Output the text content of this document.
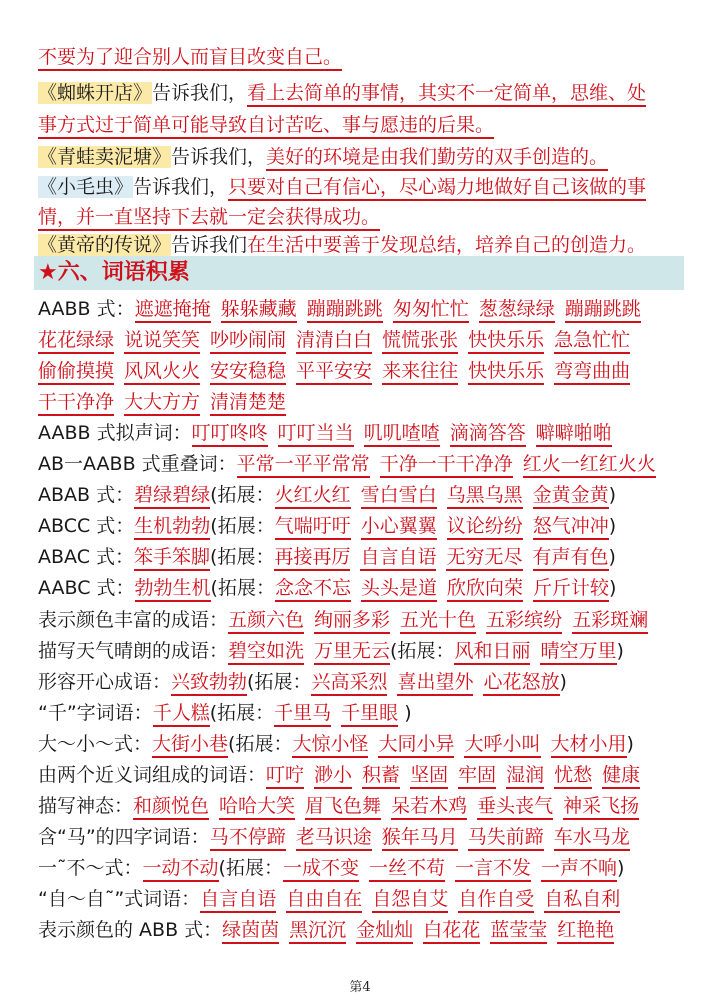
不要为了迎合别人而盲目改变自己。
《蜘蛛开店》告诉我们，看上去简单的事情，其实不一定简单，思维、处
事方式过于简单可能导致自讨苦吃、事与愿违的后果。
《青蛙卖泥塘》告诉我们，美好的环境是由我们勤劳的双手创造的。
《小毛虫》告诉我们，只要对自己有信心，尽心竭力地做好自己该做的事
情，并一直坚持下去就一定会获得成功。
《黄帝的传说》告诉我们在生活中要善于发现总结，培养自己的创造力。
★六、词语积累
AABB 式：遮遮掩掩 躲躲藏藏 蹦蹦跳跳 匆匆忙忙 葱葱绿绿 蹦蹦跳跳
花花绿绿 说说笑笑 吵吵闹闹 清清白白 慌慌张张 快快乐乐 急急忙忙
偷偷摸摸 风风火火 安安稳稳 平平安安 来来往往 快快乐乐 弯弯曲曲
干干净净 大大方方 清清楚楚
AABB 式拟声词：叮叮咚咚 叮叮当当 叽叽喳喳 滴滴答答 噼噼啪啪
AB一AABB 式重叠词：平常一平平常常 干净一干干净净 红火一红红火火
ABAB 式：碧绿碧绿(拓展：火红火红 雪白雪白 乌黑乌黑 金黄金黄)
ABCC 式：生机勃勃(拓展：气喘吁吁 小心翼翼 议论纷纷 怒气冲冲)
ABAC 式：笨手笨脚(拓展：再接再厉 自言自语 无穷无尽 有声有色)
AABC 式：勃勃生机(拓展：念念不忘 头头是道 欣欣向荣 斤斤计较)
表示颜色丰富的成语：五颜六色 绚丽多彩 五光十色 五彩缤纷 五彩斑斓
描写天气晴朗的成语：碧空如洗 万里无云(拓展：风和日丽 晴空万里)
形容开心成语：兴致勃勃(拓展：兴高采烈 喜出望外 心花怒放)
“千”字词语：千人糕(拓展：千里马 千里眼 )
大～小～式：大街小巷(拓展：大惊小怪 大同小异 大呼小叫 大材小用)
由两个近义词组成的词语：叮咛 渺小 积蓄 坚固 牢固 湿润 忧愁 健康
描写神态：和颜悦色 哈哈大笑 眉飞色舞 呆若木鸡 垂头丧气 神采飞扬
含“马”的四字词语：马不停蹄 老马识途 猴年马月 马失前蹄 车水马龙
一˜不～式：一动不动(拓展：一成不变 一丝不苟 一言不发 一声不响)
“自～自˜”式词语：自言自语 自由自在 自怨自艾 自作自受 自私自利
表示颜色的 ABB 式：绿茵茵 黑沉沉 金灿灿 白花花 蓝莹莹 红艳艳
第4
